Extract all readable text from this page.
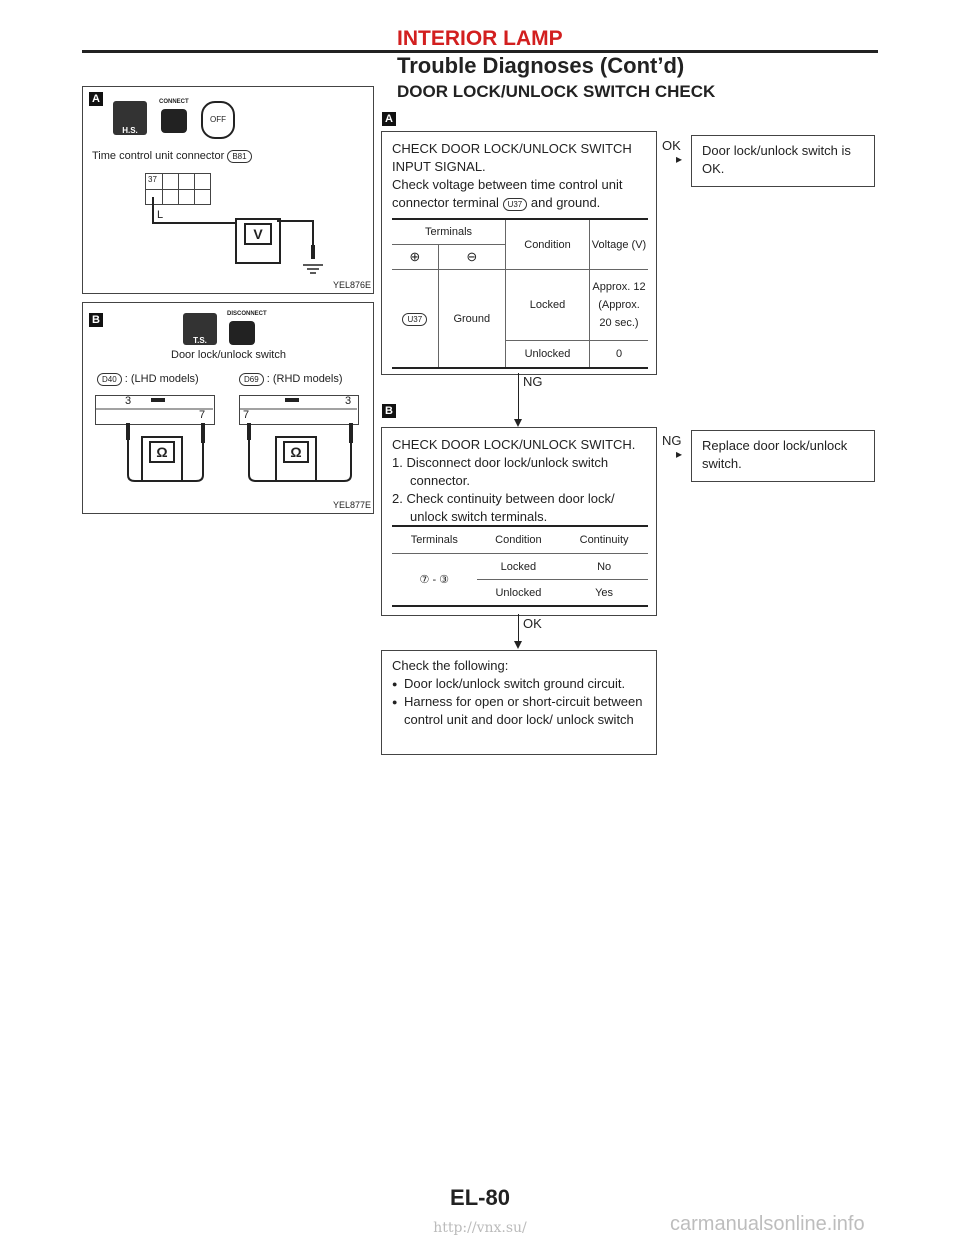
INTERIOR LAMP
Trouble Diagnoses (Cont’d)
DOOR LOCK/UNLOCK SWITCH CHECK
A
H.S.
CONNECT
OFF
Time control unit connector B81
37
L
V
YEL876E
B
T.S.
DISCONNECT
Door lock/unlock switch
D40 : (LHD models)	D69 : (RHD models)
3
7	7
3
Ω	Ω
YEL877E
A

CHECK DOOR LOCK/UNLOCK SWITCH

INPUT SIGNAL.

Check voltage between time control unit

connector terminal U37 and ground.

Terminals		Condition	Voltage (V)
⊕	⊖		
U37	Ground	Locked	Approx. 12 (Approx. 20 sec.)
		Unlocked	0
OK
▸
Door lock/unlock switch is OK.
NG
B

CHECK DOOR LOCK/UNLOCK SWITCH.

1. Disconnect door lock/unlock switch

connector.

2. Check continuity between door lock/

unlock switch terminals.

Terminals	Condition	Continuity
⑦ - ③	Locked	No
	Unlocked	Yes
NG
▸
Replace door lock/unlock switch.
OK

Check the following:

● Door lock/unlock switch ground circuit.

● Harness for open or short-circuit between control unit and door lock/ unlock switch

EL-80
http://vnx.su/	carmanualsonline.info
